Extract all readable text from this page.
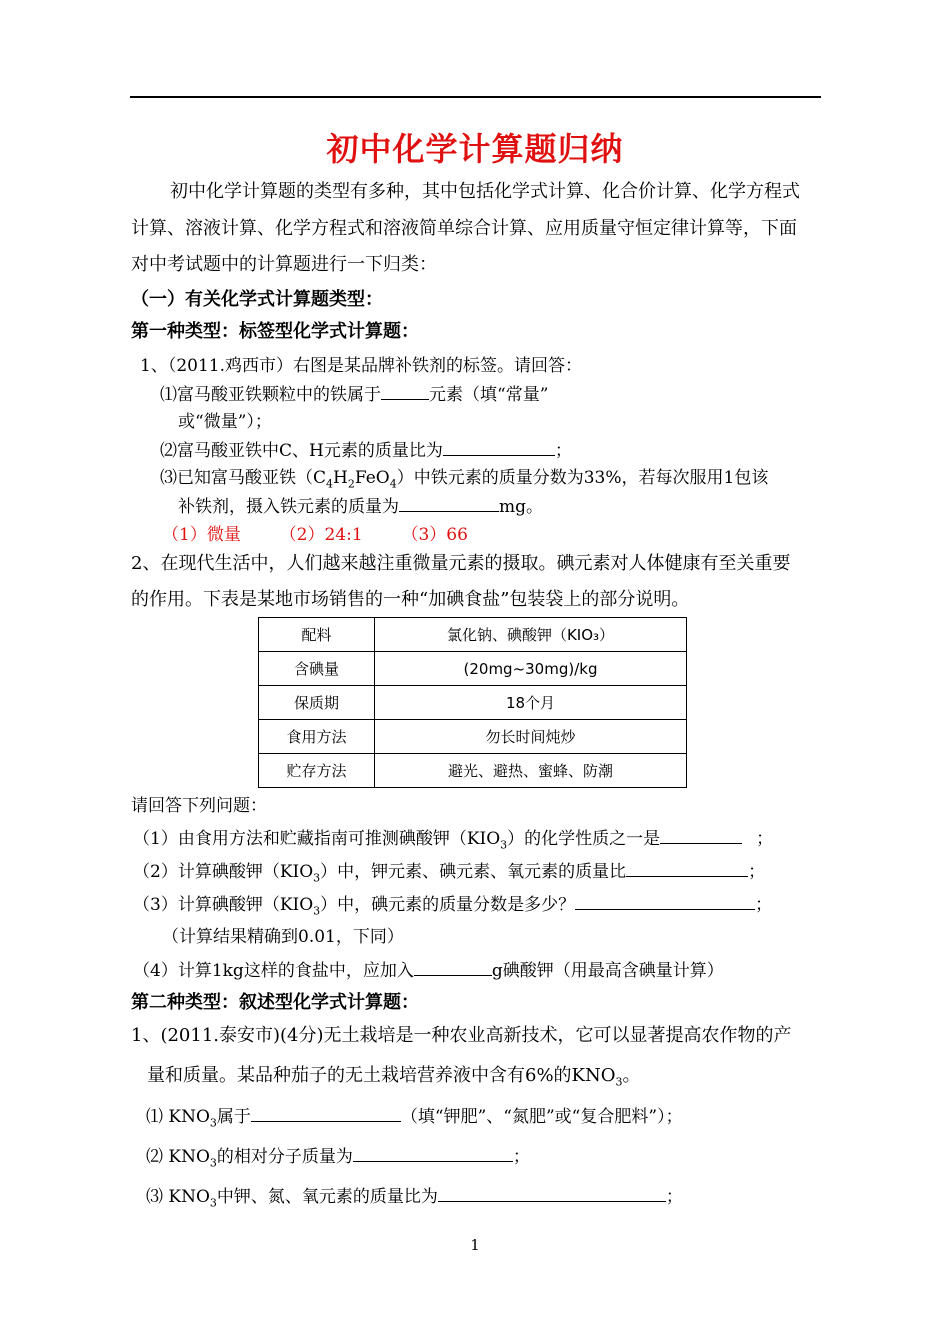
初中化学计算题归纳
初中化学计算题的类型有多种，其中包括化学式计算、化合价计算、化学方程式
计算、溶液计算、化学方程式和溶液简单综合计算、应用质量守恒定律计算等，下面
对中考试题中的计算题进行一下归类：
（一）有关化学式计算题类型：
第一种类型：标签型化学式计算题：
1、（2011.鸡西市）右图是某品牌补铁剂的标签。请回答：
⑴富马酸亚铁颗粒中的铁属于	元素（填“常量”
或“微量”）；
⑵富马酸亚铁中C、H元素的质量比为	；
⑶已知富马酸亚铁$(C_4H_2FeO_4)$中铁元素的质量分数为33%，若每次服用1包该
补铁剂，摄入铁元素的质量为	mg。
（1）微量 （2）24:1 （3）66
2、在现代生活中，人们越来越注重微量元素的摄取。碘元素对人体健康有至关重要
的作用。下表是某地市场销售的一种“加碘食盐”包装袋上的部分说明。
配料	氯化钠、碘酸钾（KIO₃）
含碘量	(20mg~30mg)/kg
保质期	18个月
食用方法	勿长时间炖炒
贮存方法	避光、避热、蜜蜂、防潮
请回答下列问题：
（1）由食用方法和贮藏指南可推测碘酸钾$(KIO_3)$的化学性质之一是	；
（2）计算碘酸钾$(KIO_3)$中，钾元素、碘元素、氧元素的质量比	；
（3）计算碘酸钾$(KIO_3)$中，碘元素的质量分数是多少？	；
（计算结果精确到0.01，下同）
（4）计算1kg这样的食盐中，应加入	g碘酸钾（用最高含碘量计算）
第二种类型：叙述型化学式计算题：
1、(2011.泰安市)(4分)无土栽培是一种农业高新技术，它可以显著提高农作物的产
量和质量。某品种茄子的无土栽培营养液中含有6%的$KNO_3$。
⑴ $KNO_3$属于	（填“钾肥”、“氮肥”或“复合肥料”）；
⑵ $KNO_3$的相对分子质量为	；
⑶ $KNO_3$中钾、氮、氧元素的质量比为	；
1
